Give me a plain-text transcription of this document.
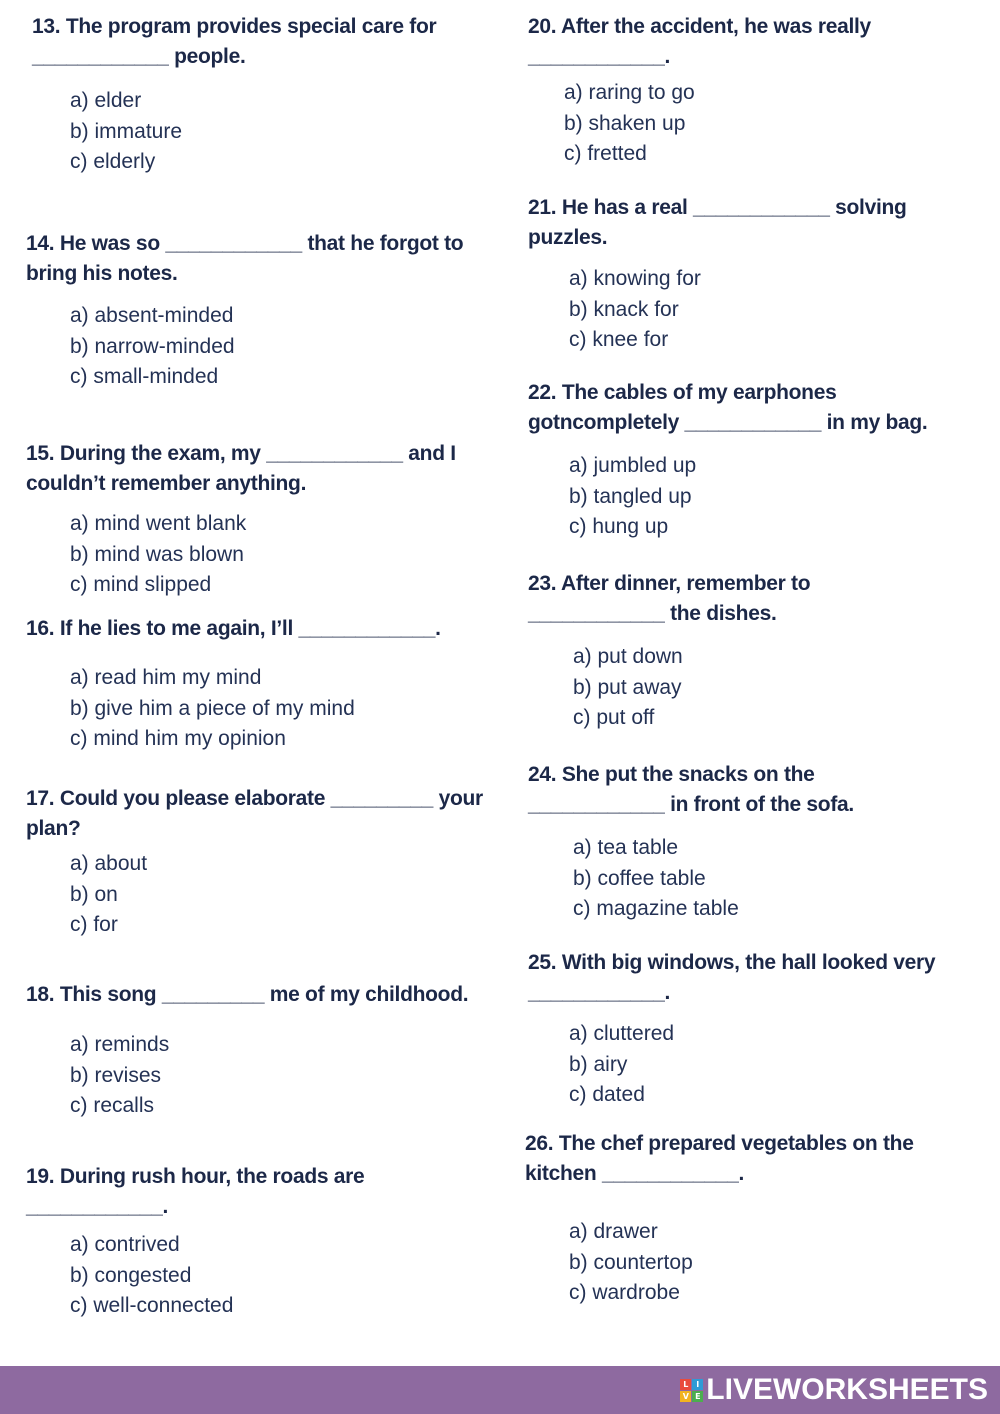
13. The program provides special care for ____________ people.
a) elder
b) immature
c) elderly
14. He was so ____________ that he forgot to bring his notes.
a) absent-minded
b) narrow-minded
c) small-minded
15. During the exam, my ____________ and I couldn’t remember anything.
a) mind went blank
b) mind was blown
c) mind slipped
16. If he lies to me again, I’ll ____________.
a) read him my mind
b) give him a piece of my mind
c) mind him my opinion
17. Could you please elaborate _________ your plan?
a) about
b) on
c) for
18. This song _________ me of my childhood.
a) reminds
b) revises
c) recalls
19. During rush hour, the roads are ____________.
a) contrived
b) congested
c) well-connected
20. After the accident, he was really ____________.
a) raring to go
b) shaken up
c) fretted
21. He has a real ____________ solving puzzles.
a) knowing for
b) knack for
c) knee for
22. The cables of my earphones gotncompletely ____________ in my bag.
a) jumbled up
b) tangled up
c) hung up
23. After dinner, remember to ____________ the dishes.
a) put down
b) put away
c) put off
24. She put the snacks on the ____________ in front of the sofa.
a) tea table
b) coffee table
c) magazine table
25. With big windows, the hall looked very ____________.
a) cluttered
b) airy
c) dated
26. The chef prepared vegetables on the kitchen ____________.
a) drawer
b) countertop
c) wardrobe
L I
V E LIVEWORKSHEETS
